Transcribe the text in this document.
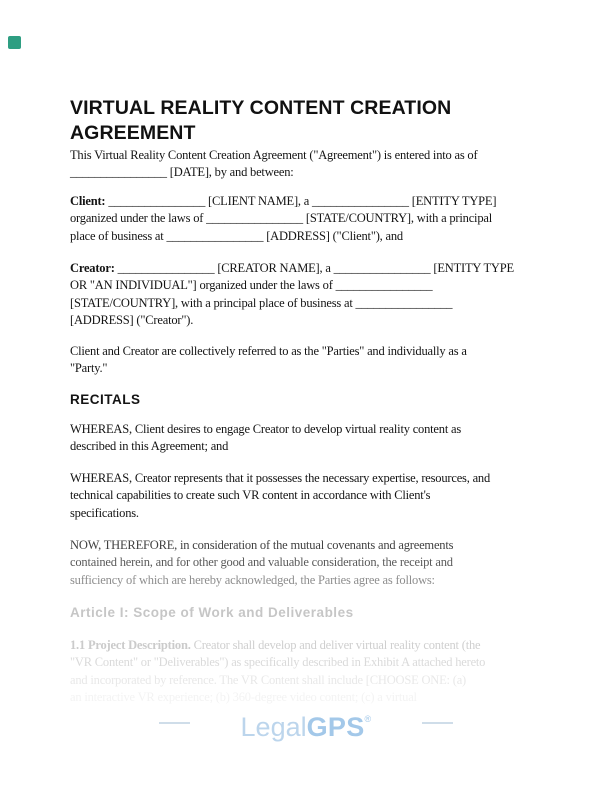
VIRTUAL REALITY CONTENT CREATION AGREEMENT
This Virtual Reality Content Creation Agreement ("Agreement") is entered into as of
________________ [DATE], by and between:
Client: ________________ [CLIENT NAME], a ________________ [ENTITY TYPE]
organized under the laws of ________________ [STATE/COUNTRY], with a principal
place of business at ________________ [ADDRESS] ("Client"), and
Creator: ________________ [CREATOR NAME], a ________________ [ENTITY TYPE
OR "AN INDIVIDUAL"] organized under the laws of ________________
[STATE/COUNTRY], with a principal place of business at ________________
[ADDRESS] ("Creator").
Client and Creator are collectively referred to as the "Parties" and individually as a
"Party."
RECITALS
WHEREAS, Client desires to engage Creator to develop virtual reality content as
described in this Agreement; and
WHEREAS, Creator represents that it possesses the necessary expertise, resources, and
technical capabilities to create such VR content in accordance with Client's
specifications.
NOW, THEREFORE, in consideration of the mutual covenants and agreements
contained herein, and for other good and valuable consideration, the receipt and
sufficiency of which are hereby acknowledged, the Parties agree as follows:
Article I: Scope of Work and Deliverables
1.1 Project Description. Creator shall develop and deliver virtual reality content (the
"VR Content" or "Deliverables") as specifically described in Exhibit A attached hereto
and incorporated by reference. The VR Content shall include [CHOOSE ONE: (a)
an interactive VR experience; (b) 360-degree video content; (c) a virtual
LegalGPS®
